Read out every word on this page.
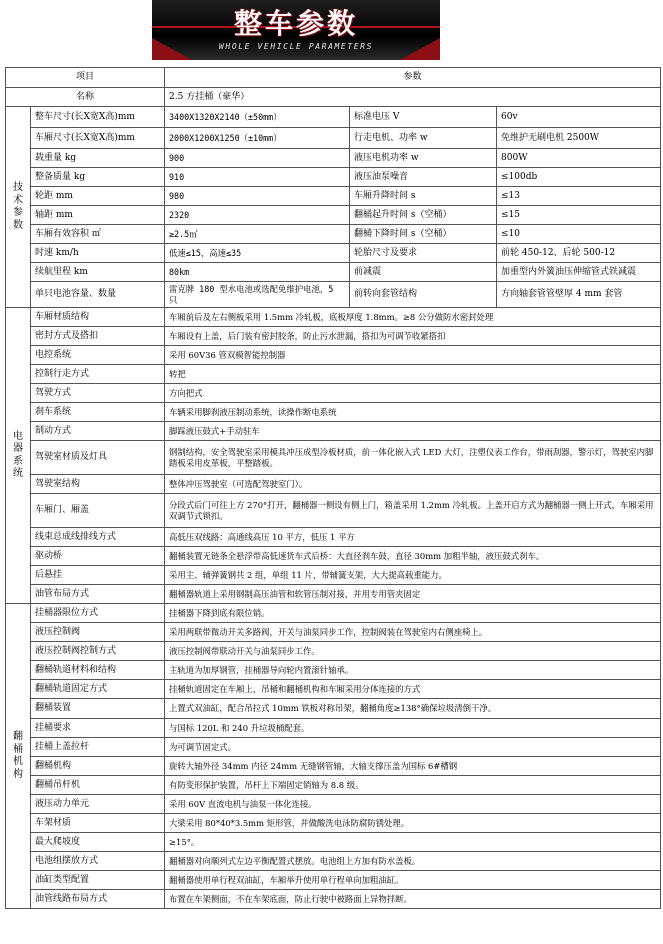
整车参数
WHOLE VEHICLE PARAMETERS
项目		参数		
名称		2.5 方挂桶（豪华）		
技术参数	整车尺寸(长X宽X高)mm	3400X1320X2140（±50mm）	标准电压 V	60v
	车厢尺寸(长X宽X高)mm	2000X1200X1250（±10mm）	行走电机、功率 w	免维护无刷电机 2500W
	载重量 kg	900	液压电机功率 w	800W
	整备质量 kg	910	液压油泵噪音	≤100db
	轮距 mm	980	车厢升降时间 s	≤13
	轴距 mm	2320	翻桶起升时间 s（空桶）	≤15
	车厢有效容积 ㎡	≥2.5㎡	翻桶下降时间 s（空桶）	≤10
	时速 km/h	低速≤15，高速≤35	轮胎尺寸及要求	前轮 450-12、后轮 500-12
	续航里程 km	80km	前减震	加重型内外簧油压伸缩管式铁减震
	单只电池容量、数量	雷克牌 180 型水电池或选配免维护电池，5 只	前转向套管结构	方向轴套管管壁厚 4 mm 套管
电器系统	车厢材质结构	车厢前后及左右侧板采用 1.5mm 冷轧板，底板厚度 1.8mm。≥8 公分做防水密封处理		
	密封方式及搭扣	车厢设有上盖，后门装有密封胶条，防止污水泄漏，搭扣为可调节收紧搭扣		
	电控系统	采用 60V36 管双模智能控制器		
	控制行走方式	转把		
	驾驶方式	方向把式		
	刹车系统	车辆采用脚刹液压制动系统，读操作断电系统		
	制动方式	脚踩液压鼓式+手动驻车		
	驾驶室材质及灯具	钢制结构，安全驾驶室采用模具冲压成型冷板材质，前一体化嵌入式 LED 大灯，注塑仪表工作台，带雨刮器，警示灯，驾驶室内脚踏板采用皮革板，平整踏板。		
	驾驶室结构	整体冲压驾驶室（可选配驾驶室门）。		
	车厢门、厢盖	分段式后门可往上方 270°打开，翻桶器一侧设有侧上门，箱盖采用 1.2mm 冷轧板。上盖开启方式为翻桶器一侧上开式，车厢采用双调节式锁扣。		
	线束总成线排线方式	高低压双线路：高通线高压 10 平方，低压 1 平方		
	驱动桥	翻桶装置无链条全悬浮带高低速货车式后桥：大直径刹车鼓，直径 30mm 加粗半轴，液压鼓式刹车。		
	后悬挂	采用主、辅弹簧钢共 2 组，单组 11 片，带辅簧支架，大大提高载重能力。		
	油管布局方式	翻桶器轨道上采用钢制高压油管和软管压制对接，并用专用管夹固定		
翻桶机构	挂桶器限位方式	挂桶器下降到底有限位销。		
	液压控制阀	采用两联带微动开关多路阀，开关与油泵同步工作，控制阀装在驾驶室内右侧座椅上。		
	液压控制阀控制方式	液压控制阀带联动开关与油泵同步工作。		
	翻桶轨道材料和结构	主轨道为加厚钢管，挂桶器导向轮内置滚针轴承。		
	翻桶轨道固定方式	挂桶轨道固定在车厢上，吊桶和翻桶机构和车厢采用分体连接的方式		
	翻桶装置	上置式双油缸，配合吊拉式 10mm 铁板对称吊架，翻桶角度≥138°确保垃圾清倒干净。		
	挂桶要求	与国标 120L 和 240 升垃圾桶配套。		
	挂桶上盖拉杆	为可调节固定式。		
	翻桶机构	旋转大轴外径 34mm 内径 24mm 无缝钢管轴，大轴支撑压盖为国标 6#槽钢		
	翻桶吊杆机	有防变形保护装置，吊杆上下端固定销轴为 8.8 级。		
	液压动力单元	采用 60V 直流电机与油泵一体化连接。		
	车架材质	大梁采用 80*40*3.5mm 矩形管，并做酸洗电泳防腐防锈处理。		
	最大爬坡度	≥15°。		
	电池组摆放方式	翻桶器对向顺列式左边平衡配置式摆放。电池组上方加有防水盖板。		
	油缸类型配置	翻桶器使用单行程双油缸，车厢举升使用单行程单向加粗油缸。		
	油管线路布局方式	布置在车架侧面，不在车架底面，防止行驶中被路面上异物拌断。		
